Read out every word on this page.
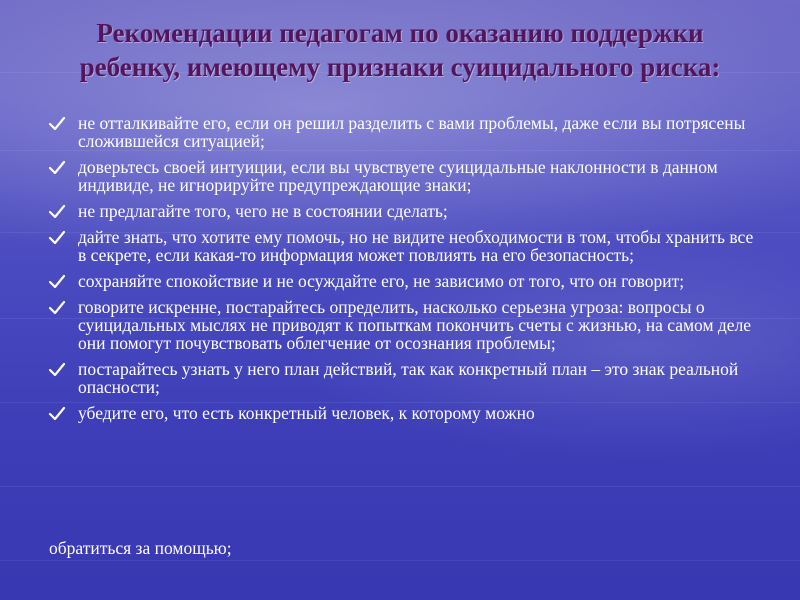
Рекомендации педагогам по оказанию поддержки
ребенку, имеющему признаки суицидального риска:
не отталкивайте его, если он решил разделить с вами проблемы, даже если вы потрясены сложившейся ситуацией;
доверьтесь своей интуиции, если вы чувствуете суицидальные наклонности в данном индивиде, не игнорируйте предупреждающие знаки;
не предлагайте того, чего не в состоянии сделать;
дайте знать, что хотите ему помочь, но не видите необходимости в том, чтобы хранить все в секрете, если какая-то информация может повлиять на его безопасность;
сохраняйте спокойствие и не осуждайте его, не зависимо от того, что он говорит;
говорите искренне, постарайтесь определить, насколько серьезна угроза: вопросы о суицидальных мыслях не приводят к попыткам покончить счеты с жизнью, на самом деле они помогут почувствовать облегчение от осознания проблемы;
постарайтесь узнать у него план действий, так как конкретный план – это знак реальной опасности;
убедите его, что есть конкретный человек, к которому можно
обратиться за помощью;
